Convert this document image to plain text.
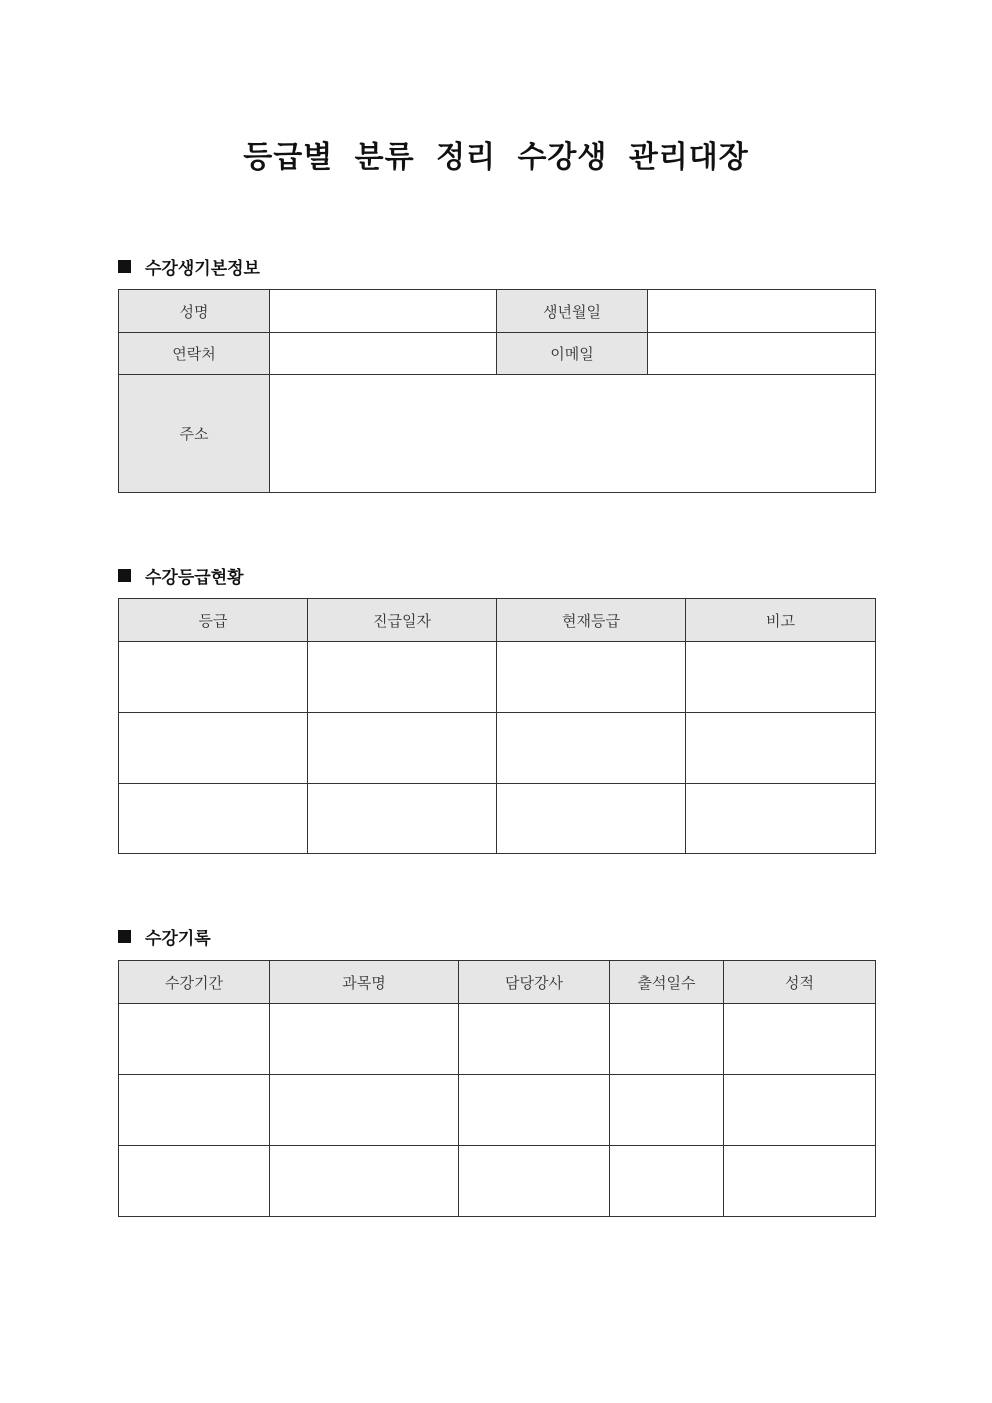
등급별 분류 정리 수강생 관리대장
수강생기본정보
성명		생년월일	
연락처		이메일	
주소			
수강등급현황
등급	진급일자	현재등급	비고

수강기록
수강기간	과목명	담당강사	출석일수	성적
